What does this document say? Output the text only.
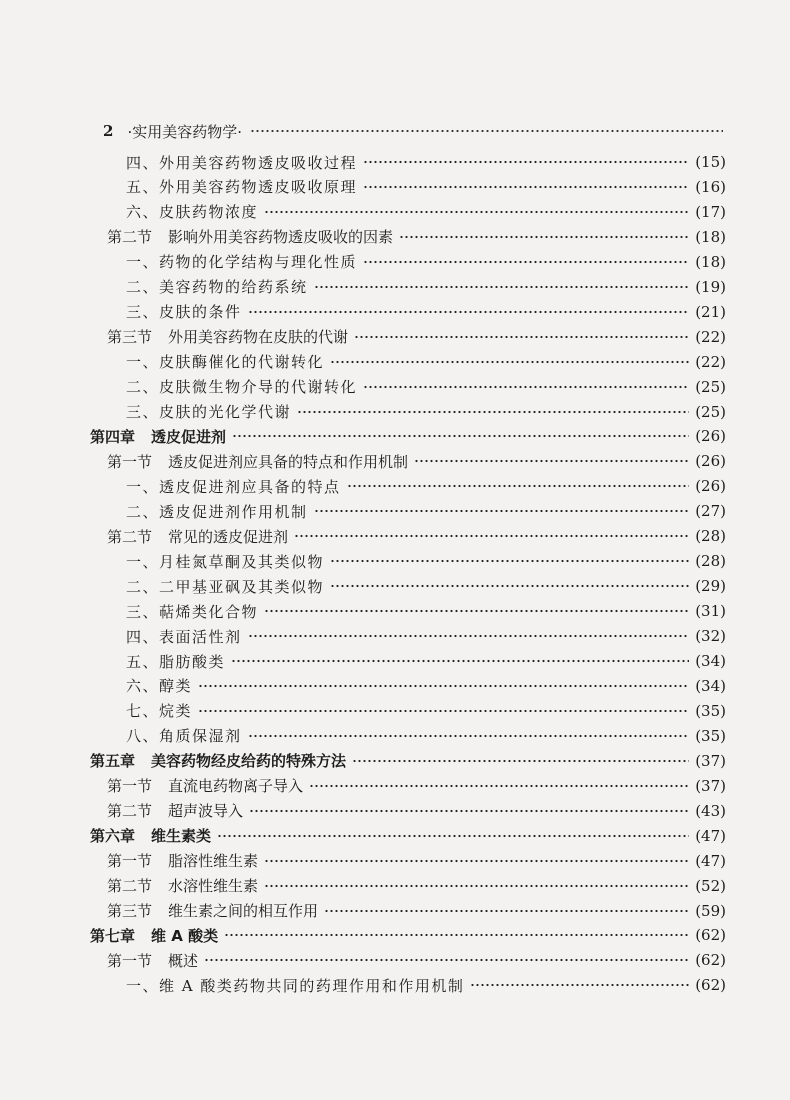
2 ·实用美容药物学·
四、外用美容药物透皮吸收过程	(15)
五、外用美容药物透皮吸收原理	(16)
六、皮肤药物浓度	(17)
第二节 影响外用美容药物透皮吸收的因素	(18)
一、药物的化学结构与理化性质	(18)
二、美容药物的给药系统	(19)
三、皮肤的条件	(21)
第三节 外用美容药物在皮肤的代谢	(22)
一、皮肤酶催化的代谢转化	(22)
二、皮肤微生物介导的代谢转化	(25)
三、皮肤的光化学代谢	(25)
第四章 透皮促进剂	(26)
第一节 透皮促进剂应具备的特点和作用机制	(26)
一、透皮促进剂应具备的特点	(26)
二、透皮促进剂作用机制	(27)
第二节 常见的透皮促进剂	(28)
一、月桂氮草酮及其类似物	(28)
二、二甲基亚砜及其类似物	(29)
三、萜烯类化合物	(31)
四、表面活性剂	(32)
五、脂肪酸类	(34)
六、醇类	(34)
七、烷类	(35)
八、角质保湿剂	(35)
第五章 美容药物经皮给药的特殊方法	(37)
第一节 直流电药物离子导入	(37)
第二节 超声波导入	(43)
第六章 维生素类	(47)
第一节 脂溶性维生素	(47)
第二节 水溶性维生素	(52)
第三节 维生素之间的相互作用	(59)
第七章 维 A 酸类	(62)
第一节 概述	(62)
一、维 A 酸类药物共同的药理作用和作用机制	(62)
